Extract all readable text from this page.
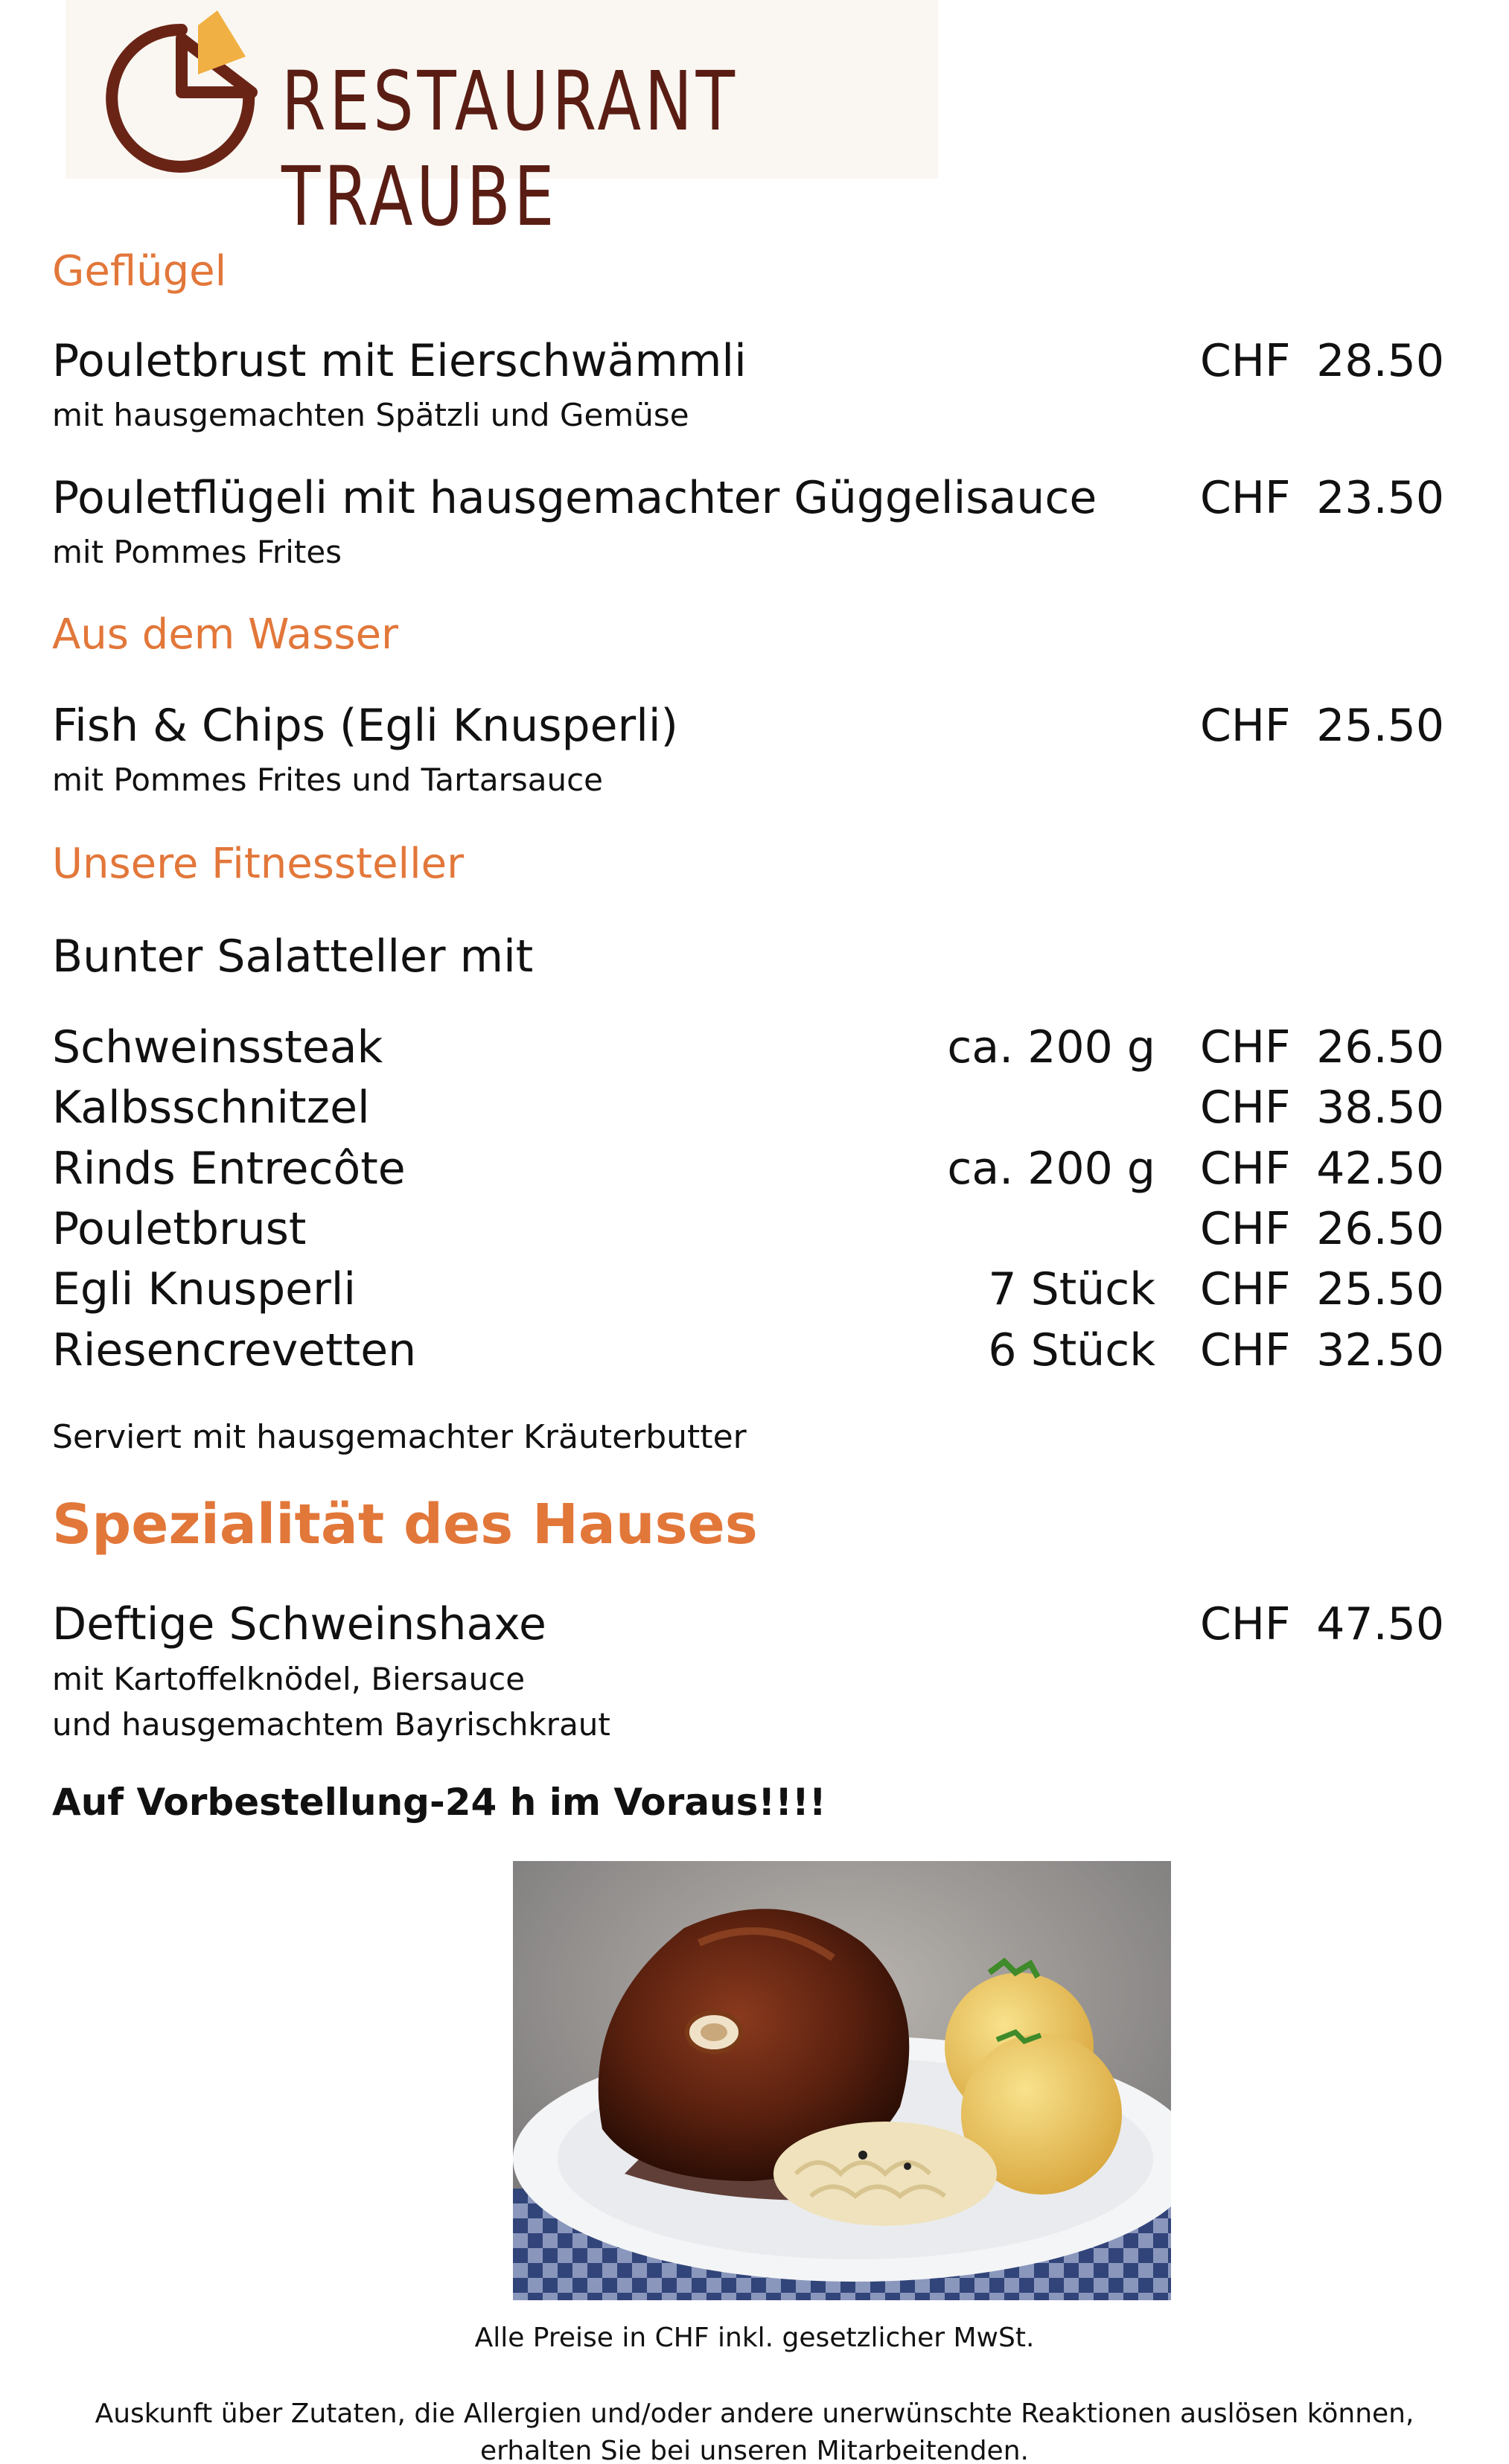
RESTAURANT TRAUBE
Geflügel
Pouletbrust mit Eierschwämmli	CHF 28.50
mit hausgemachten Spätzli und Gemüse
Pouletflügeli mit hausgemachter Güggelisauce CHF 23.50
mit Pommes Frites
Aus dem Wasser
Fish & Chips (Egli Knusperli)	CHF 25.50
mit Pommes Frites und Tartarsauce
Unsere Fitnessteller
Bunter Salatteller mit
Schweinssteak	ca. 200 g CHF 26.50
Kalbsschnitzel	CHF 38.50
Rinds Entrecôte	ca. 200 g CHF 42.50
Pouletbrust	CHF 26.50
Egli Knusperli	7 Stück CHF 25.50
Riesencrevetten	6 Stück CHF 32.50
Serviert mit hausgemachter Kräuterbutter
Spezialität des Hauses
Deftige Schweinshaxe	CHF 47.50
mit Kartoffelknödel, Biersauce
und hausgemachtem Bayrischkraut
Auf Vorbestellung-24 h im Voraus!!!!
Alle Preise in CHF inkl. gesetzlicher MwSt.
Auskunft über Zutaten, die Allergien und/oder andere unerwünschte Reaktionen auslösen können,
erhalten Sie bei unseren Mitarbeitenden.
